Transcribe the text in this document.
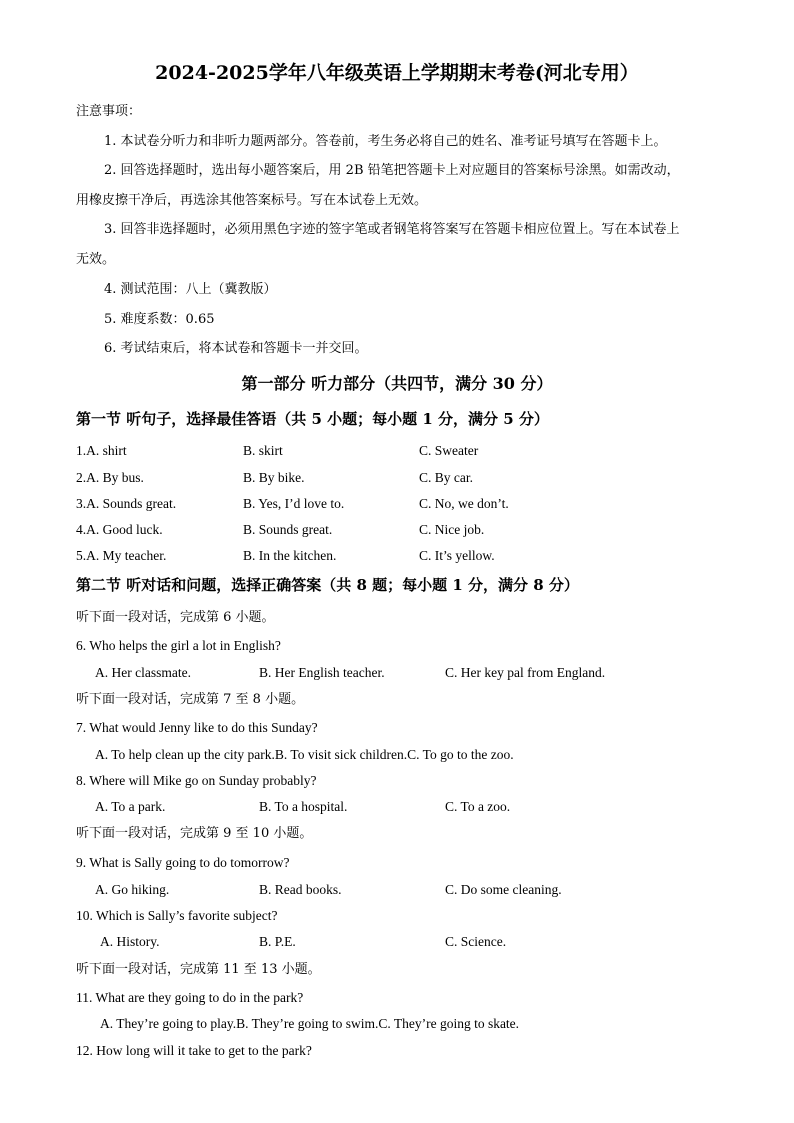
2024-2025学年八年级英语上学期期末考卷(河北专用）
注意事项：
1. 本试卷分听力和非听力题两部分。答卷前，考生务必将自己的姓名、准考证号填写在答题卡上。
2. 回答选择题时，选出每小题答案后，用 2B 铅笔把答题卡上对应题目的答案标号涂黑。如需改动，
用橡皮擦干净后，再选涂其他答案标号。写在本试卷上无效。
3. 回答非选择题时，必须用黑色字迹的签字笔或者钢笔将答案写在答题卡相应位置上。写在本试卷上
无效。
4. 测试范围：八上（冀教版）
5. 难度系数：0.65
6. 考试结束后，将本试卷和答题卡一并交回。
第一部分 听力部分（共四节，满分 30 分）
第一节 听句子，选择最佳答语（共 5 小题；每小题 1 分，满分 5 分）
1.A. shirt	B. skirt	C. Sweater
2.A. By bus.	B. By bike.	C. By car.
3.A. Sounds great.	B. Yes, I’d love to.	C. No, we don’t.
4.A. Good luck.	B. Sounds great.	C. Nice job.
5.A. My teacher.	B. In the kitchen.	C. It’s yellow.
第二节 听对话和问题，选择正确答案（共 8 题；每小题 1 分，满分 8 分）
听下面一段对话，完成第 6 小题。
6. Who helps the girl a lot in English?
A. Her classmate.	B. Her English teacher.	C. Her key pal from England.
听下面一段对话，完成第 7 至 8 小题。
7. What would Jenny like to do this Sunday?
A. To help clean up the city park.B. To visit sick children.C. To go to the zoo.
8. Where will Mike go on Sunday probably?
A. To a park.	B. To a hospital.	C. To a zoo.
听下面一段对话，完成第 9 至 10 小题。
9. What is Sally going to do tomorrow?
A. Go hiking.	B. Read books.	C. Do some cleaning.
10. Which is Sally’s favorite subject?
A. History.	B. P.E.	C. Science.
听下面一段对话，完成第 11 至 13 小题。
11. What are they going to do in the park?
A. They’re going to play.B. They’re going to swim.C. They’re going to skate.
12. How long will it take to get to the park?
